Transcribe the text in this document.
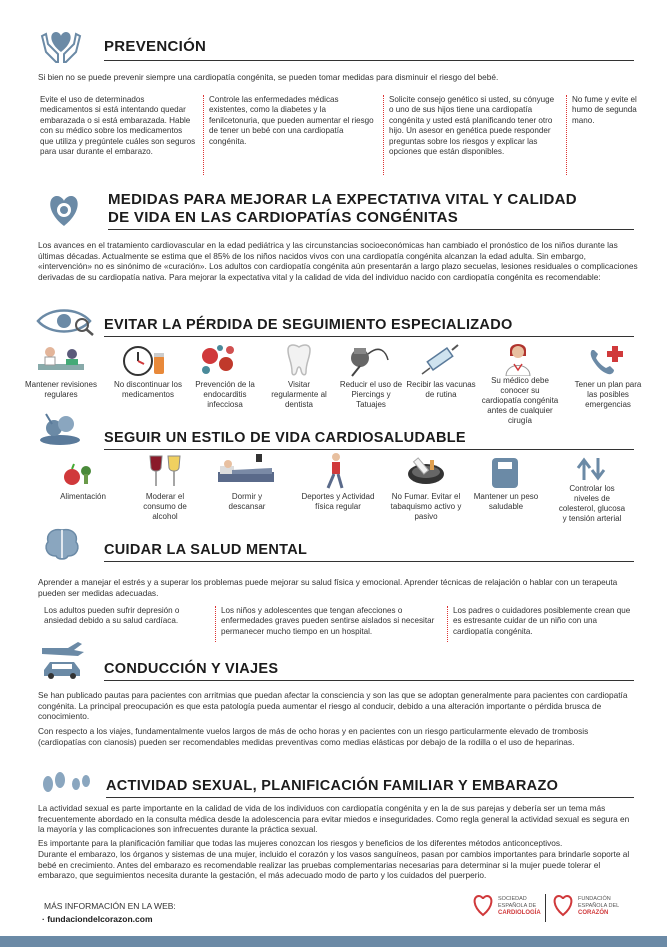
PREVENCIÓN
Si bien no se puede prevenir siempre una cardiopatía congénita, se pueden tomar medidas para disminuir el riesgo del bebé.
Evite el uso de determinados medicamentos si está intentando quedar embarazada o si está embarazada. Hable con su médico sobre los medicamentos que utiliza y pregúntele cuáles son seguros para usar durante el embarazo.
Controle las enfermedades médicas existentes, como la diabetes y la fenilcetonuria, que pueden aumentar el riesgo de tener un bebé con una cardiopatía congénita.
Solicite consejo genético si usted, su cónyuge o uno de sus hijos tiene una cardiopatía congénita y usted está planificando tener otro hijo. Un asesor en genética puede responder preguntas sobre los riesgos y explicar las opciones que están disponibles.
No fume y evite el humo de segunda mano.
MEDIDAS PARA MEJORAR LA EXPECTATIVA VITAL Y CALIDAD
DE VIDA EN LAS CARDIOPATÍAS CONGÉNITAS
Los avances en el tratamiento cardiovascular en la edad pediátrica y las circunstancias socioeconómicas han cambiado el pronóstico de los niños durante las últimas décadas. Actualmente se estima que el 85% de los niños nacidos vivos con una cardiopatía congénita alcanzan la edad adulta. Sin embargo, «intervención» no es sinónimo de «curación». Los adultos con cardiopatía congénita aún presentarán a largo plazo secuelas, lesiones residuales o complicaciones derivadas de su cardiopatía nativa. Para mejorar la expectativa vital y la calidad de vida del individuo nacido con cardiopatía congénita es recomendable:
EVITAR LA PÉRDIDA DE SEGUIMIENTO ESPECIALIZADO
Mantener revisiones regulares
No discontinuar los medicamentos
Prevención de la endocarditis infecciosa
Visitar regularmente al dentista
Reducir el uso de Piercings y Tatuajes
Recibir las vacunas de rutina
Su médico debe conocer su cardiopatía congénita antes de cualquier cirugía
Tener un plan para las posibles emergencias
SEGUIR UN ESTILO DE VIDA CARDIOSALUDABLE
Alimentación	Moderar el consumo de alcohol
Dormir y descansar
Deportes y Actividad física regular
No Fumar. Evitar el tabaquismo activo y pasivo
Mantener un peso saludable
Controlar los niveles de colesterol, glucosa y tensión arterial
CUIDAR LA SALUD MENTAL
Aprender a manejar el estrés y a superar los problemas puede mejorar su salud física y emocional. Aprender técnicas de relajación o hablar con un terapeuta pueden ser medidas adecuadas.
Los adultos pueden sufrir depresión o ansiedad debido a su salud cardíaca.
Los niños y adolescentes que tengan afecciones o enfermedades graves pueden sentirse aislados si necesitar permanecer mucho tiempo en un hospital.
Los padres o cuidadores posiblemente crean que es estresante cuidar de un niño con una cardiopatía congénita.
CONDUCCIÓN Y VIAJES
Se han publicado pautas para pacientes con arritmias que puedan afectar la consciencia y son las que se adoptan generalmente para pacientes con cardiopatía congénita. La principal preocupación es que esta patología pueda aumentar el riesgo al conducir, debido a una alteración importante o pérdida brusca de conocimiento.
Con respecto a los viajes, fundamentalmente vuelos largos de más de ocho horas y en pacientes con un riesgo particularmente elevado de trombosis (cardiopatías con cianosis) pueden ser recomendables medidas preventivas como medias elásticas por debajo de la rodilla o el uso de heparinas.
ACTIVIDAD SEXUAL, PLANIFICACIÓN FAMILIAR Y EMBARAZO
La actividad sexual es parte importante en la calidad de vida de los individuos con cardiopatía congénita y en la de sus parejas y debería ser un tema más frecuentemente abordado en la consulta médica desde la adolescencia para evitar miedos e inseguridades. Como regla general la actividad sexual es segura en la mayoría y las complicaciones son infrecuentes durante la práctica sexual.
Es importante para la planificación familiar que todas las mujeres conozcan los riesgos y beneficios de los diferentes métodos anticonceptivos.
Durante el embarazo, los órganos y sistemas de una mujer, incluido el corazón y los vasos sanguíneos, pasan por cambios importantes para brindarle soporte al bebé en crecimiento. Antes del embarazo es recomendable realizar las pruebas complementarias necesarias para determinar si la mujer puede tolerar el embarazo, que seguimientos necesita durante la gestación, el más adecuado modo de parto y los cuidados del puerperio.
MÁS INFORMACIÓN EN LA WEB:
· fundaciondelcorazon.com
SOCIEDAD
ESPAÑOLA DE
CARDIOLOGÍA
FUNDACIÓN
ESPAÑOLA DEL
CORAZÓN
